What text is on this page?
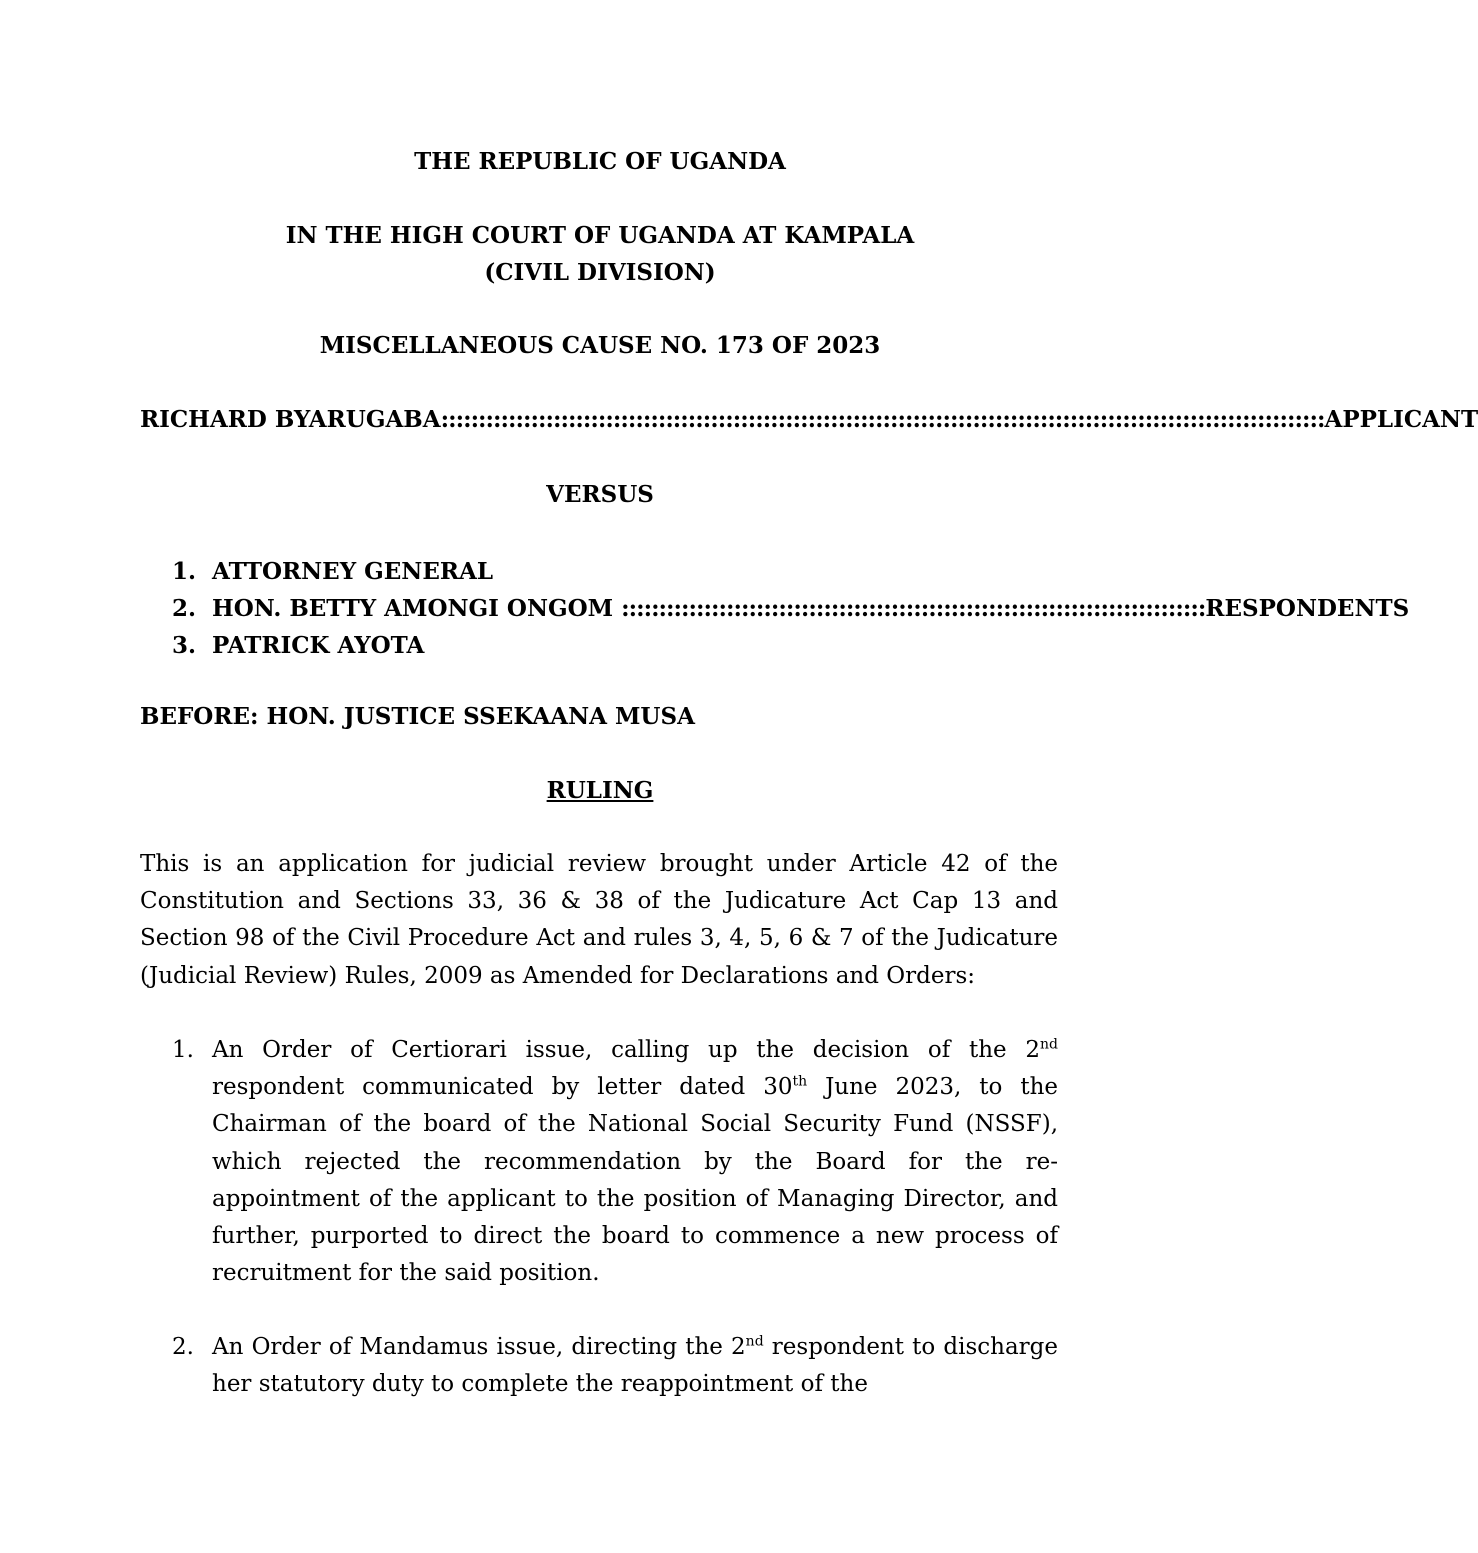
THE REPUBLIC OF UGANDA
IN THE HIGH COURT OF UGANDA AT KAMPALA
(CIVIL DIVISION)
MISCELLANEOUS CAUSE NO. 173 OF 2023
RICHARD BYARUGABA :::::::::::::::::::::::::::::::::::::::::::::::::::::::::::::::::::::::::::::::::::::::::::::::::::::::::::::::::::::: APPLICANT
VERSUS
1. ATTORNEY GENERAL
2. HON. BETTY AMONGI ONGOM :::::::::::::::::::::::::::::::::::::::::::::::::::::::::::::::::::::::::::::: RESPONDENTS
3. PATRICK AYOTA
BEFORE: HON. JUSTICE SSEKAANA MUSA
RULING
This is an application for judicial review brought under Article 42 of the Constitution and Sections 33, 36 & 38 of the Judicature Act Cap 13 and Section 98 of the Civil Procedure Act and rules 3, 4, 5, 6 & 7 of the Judicature (Judicial Review) Rules, 2009 as Amended for Declarations and Orders:
1. An Order of Certiorari issue, calling up the decision of the 2nd respondent communicated by letter dated 30th June 2023, to the Chairman of the board of the National Social Security Fund (NSSF), which rejected the recommendation by the Board for the re-appointment of the applicant to the position of Managing Director, and further, purported to direct the board to commence a new process of recruitment for the said position.
2. An Order of Mandamus issue, directing the 2nd respondent to discharge her statutory duty to complete the reappointment of the
